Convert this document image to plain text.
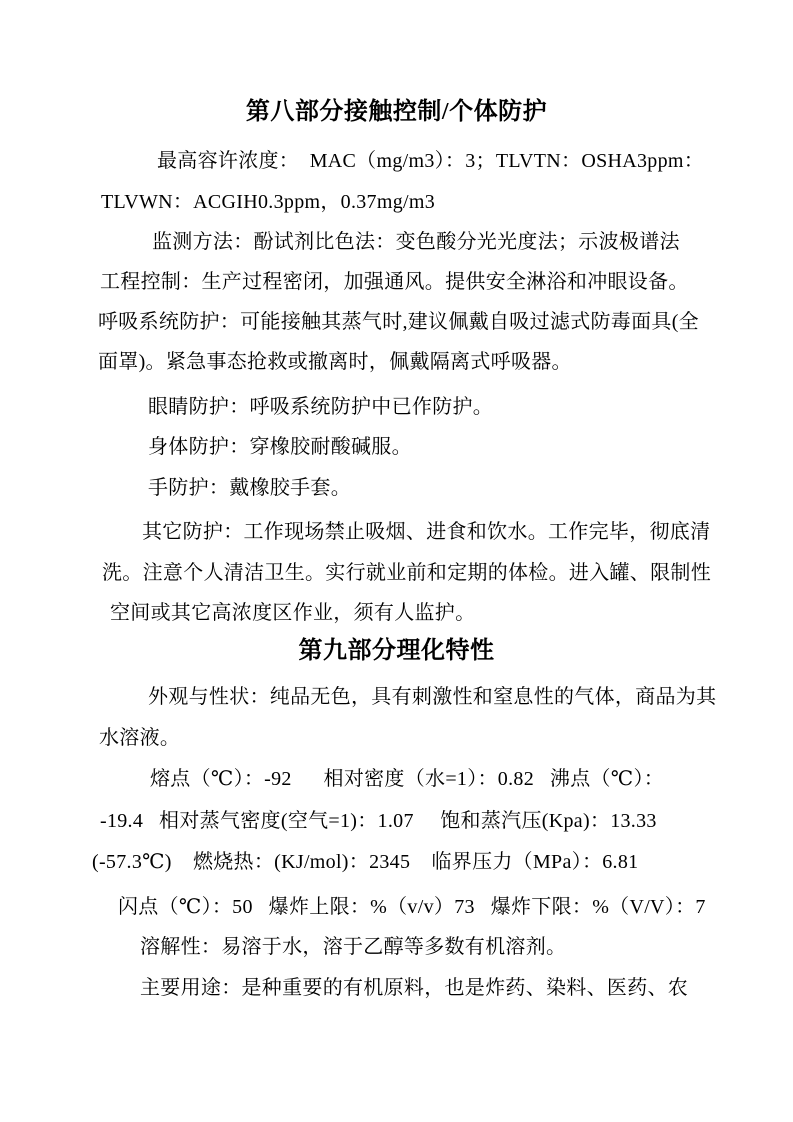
第八部分接触控制/个体防护
最高容许浓度：  MAC（mg/m3）：3；TLVTN：OSHA3ppm：
TLVWN：ACGIH0.3ppm，0.37mg/m3
监测方法：酚试剂比色法：变色酸分光光度法；示波极谱法
工程控制：生产过程密闭，加强通风。提供安全淋浴和冲眼设备。
呼吸系统防护：可能接触其蒸气时,建议佩戴自吸过滤式防毒面具(全
面罩)。紧急事态抢救或撤离时，佩戴隔离式呼吸器。
眼睛防护：呼吸系统防护中已作防护。
身体防护：穿橡胶耐酸碱服。
手防护：戴橡胶手套。
其它防护：工作现场禁止吸烟、进食和饮水。工作完毕，彻底清
洗。注意个人清洁卫生。实行就业前和定期的体检。进入罐、限制性
空间或其它高浓度区作业，须有人监护。
第九部分理化特性
外观与性状：纯品无色，具有刺激性和窒息性的气体，商品为其
水溶液。
熔点（℃）：-92      相对密度（水=1）：0.82   沸点（℃）：
-19.4   相对蒸气密度(空气=1)：1.07     饱和蒸汽压(Kpa)：13.33
(-57.3℃)    燃烧热：(KJ/mol)：2345    临界压力（MPa）：6.81
闪点（℃）：50   爆炸上限：%（v/v）73   爆炸下限：%（V/V）：7
溶解性：易溶于水，溶于乙醇等多数有机溶剂。
主要用途：是种重要的有机原料，也是炸药、染料、医药、农
